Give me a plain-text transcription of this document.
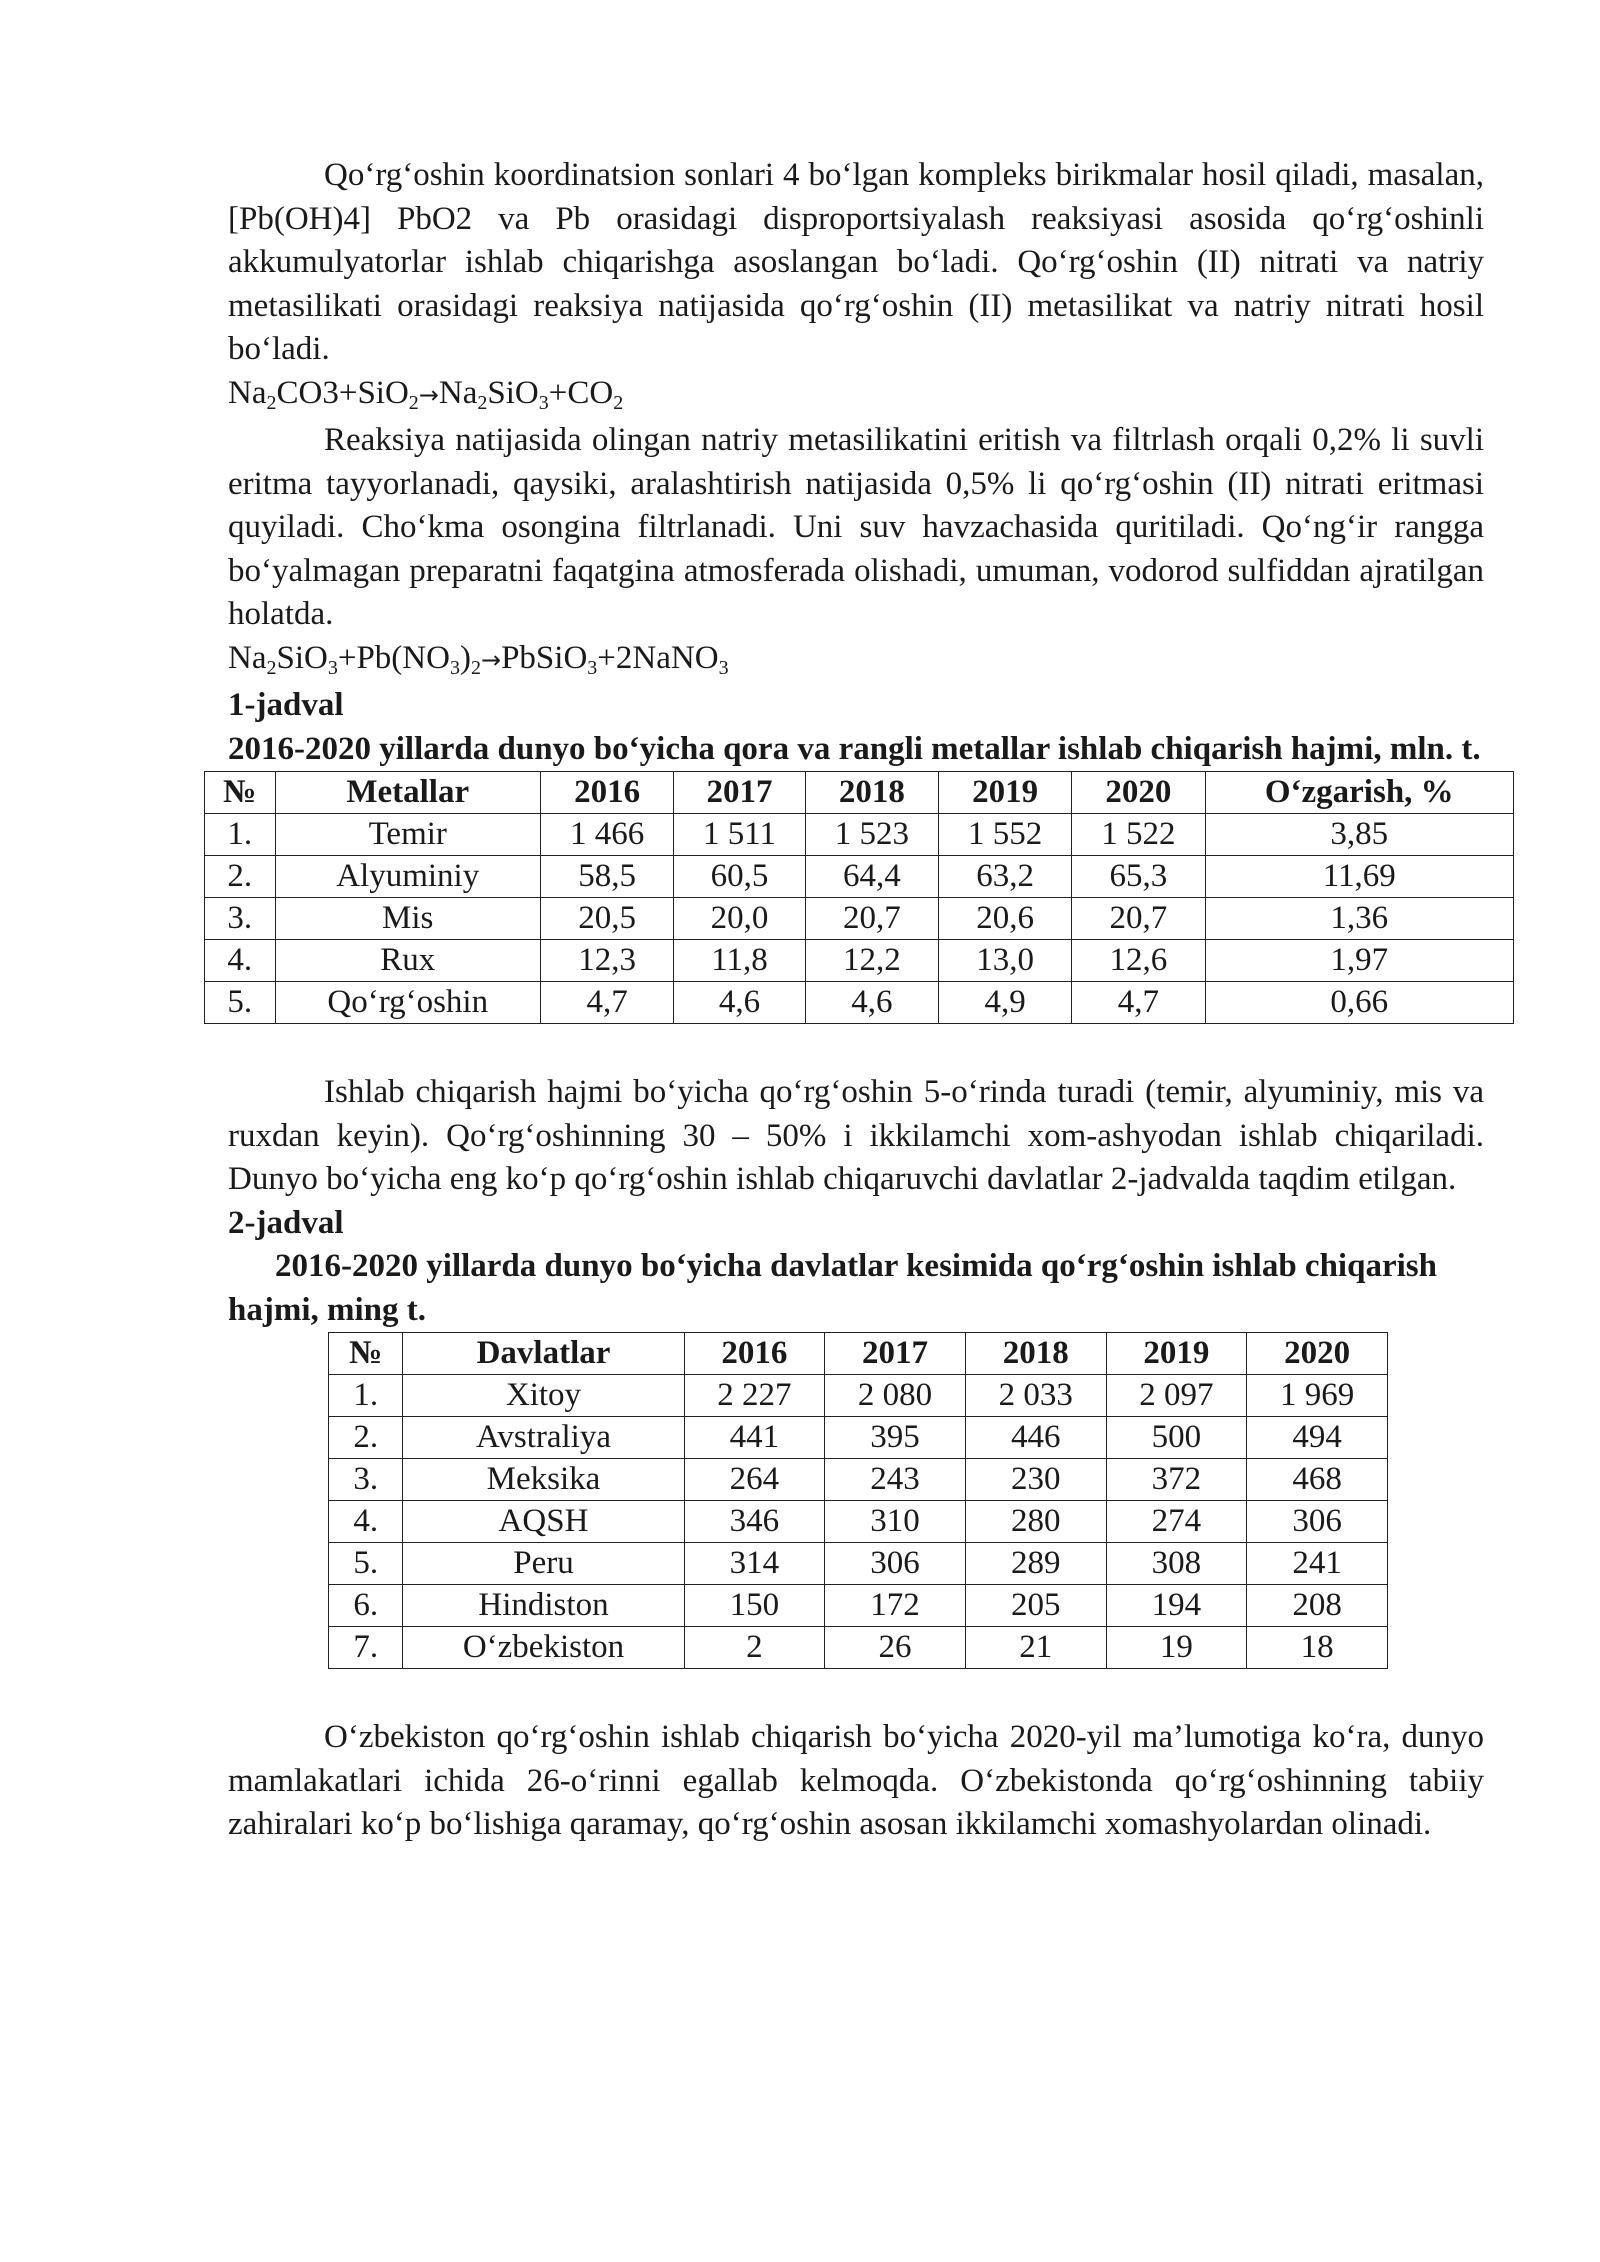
Qo‘rg‘oshin koordinatsion sonlari 4 bo‘lgan kompleks birikmalar hosil qiladi, masalan, [Pb(OH)4] PbO2 va Pb orasidagi disproportsiyalash reaksiyasi asosida qo‘rg‘oshinli akkumulyatorlar ishlab chiqarishga asoslangan bo‘ladi. Qo‘rg‘oshin (II) nitrati va natriy metasilikati orasidagi reaksiya natijasida qo‘rg‘oshin (II) metasilikat va natriy nitrati hosil bo‘ladi.

$Na_2CO3+SiO_2\to Na_2SiO_3+CO_2$

Reaksiya natijasida olingan natriy metasilikatini eritish va filtrlash orqali 0,2% li suvli eritma tayyorlanadi, qaysiki, aralashtirish natijasida 0,5% li qo‘rg‘oshin (II) nitrati eritmasi quyiladi. Cho‘kma osongina filtrlanadi. Uni suv havzachasida quritiladi. Qo‘ng‘ir rangga bo‘yalmagan preparatni faqatgina atmosferada olishadi, umuman, vodorod sulfiddan ajratilgan holatda.

$Na_2SiO_3+Pb(NO_3)_2\to PbSiO_3+2NaNO_3$

1-jadval

2016-2020 yillarda dunyo bo‘yicha qora va rangli metallar ishlab chiqarish hajmi, mln. t.

№	Metallar	2016	2017	2018	2019	2020	O‘zgarish, %
1.	Temir	1 466	1 511	1 523	1 552	1 522	3,85
2.	Alyuminiy	58,5	60,5	64,4	63,2	65,3	11,69
3.	Mis	20,5	20,0	20,7	20,6	20,7	1,36
4.	Rux	12,3	11,8	12,2	13,0	12,6	1,97
5.	Qo‘rg‘oshin	4,7	4,6	4,6	4,9	4,7	0,66

Ishlab chiqarish hajmi bo‘yicha qo‘rg‘oshin 5-o‘rinda turadi (temir, alyuminiy, mis va ruxdan keyin). Qo‘rg‘oshinning 30 – 50% i ikkilamchi xom-ashyodan ishlab chiqariladi. Dunyo bo‘yicha eng ko‘p qo‘rg‘oshin ishlab chiqaruvchi davlatlar 2-jadvalda taqdim etilgan.

2-jadval

2016-2020 yillarda dunyo bo‘yicha davlatlar kesimida qo‘rg‘oshin ishlab chiqarish hajmi, ming t.

№	Davlatlar	2016	2017	2018	2019	2020
1.	Xitoy	2 227	2 080	2 033	2 097	1 969
2.	Avstraliya	441	395	446	500	494
3.	Meksika	264	243	230	372	468
4.	AQSH	346	310	280	274	306
5.	Peru	314	306	289	308	241
6.	Hindiston	150	172	205	194	208
7.	O‘zbekiston	2	26	21	19	18

O‘zbekiston qo‘rg‘oshin ishlab chiqarish bo‘yicha 2020-yil ma’lumotiga ko‘ra, dunyo mamlakatlari ichida 26-o‘rinni egallab kelmoqda. O‘zbekistonda qo‘rg‘oshinning tabiiy zahiralari ko‘p bo‘lishiga qaramay, qo‘rg‘oshin asosan ikkilamchi xomashyolardan olinadi.
